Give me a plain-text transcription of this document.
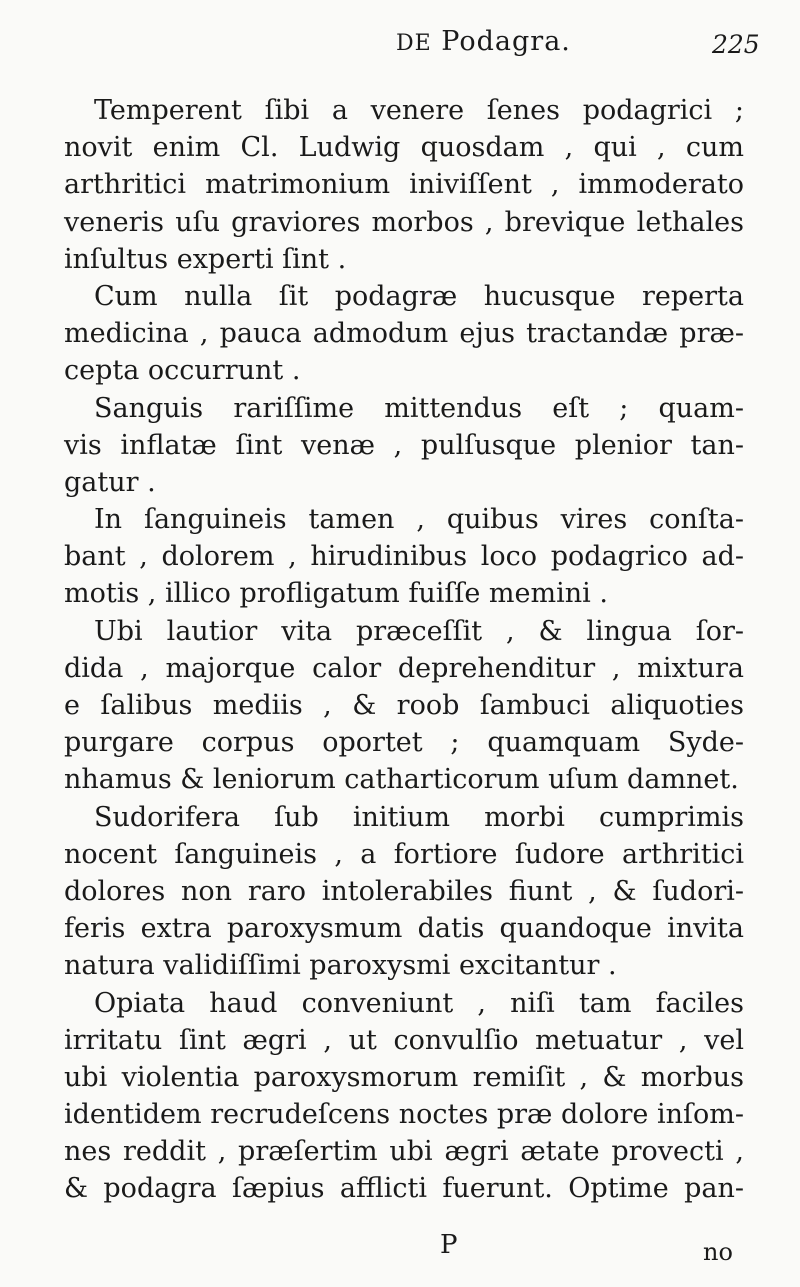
DE Podagra.	225
Temperent ſibi a venere ſenes podagrici ;
novit enim Cl. Ludwig quosdam , qui , cum
arthritici matrimonium iniviſſent , immoderato
veneris uſu graviores morbos , brevique lethales
inſultus experti ſint .
Cum nulla ſit podagræ hucusque reperta
medicina , pauca admodum ejus tractandæ præ-
cepta occurrunt .
Sanguis rariſſime mittendus eſt ; quam-
vis inflatæ ſint venæ , pulſusque plenior tan-
gatur .
In ſanguineis tamen , quibus vires conſta-
bant , dolorem , hirudinibus loco podagrico ad-
motis , illico profligatum fuiſſe memini .
Ubi lautior vita præceſſit , & lingua ſor-
dida , majorque calor deprehenditur , mixtura
e ſalibus mediis , & roob ſambuci aliquoties
purgare corpus oportet ; quamquam Syde-
nhamus & leniorum catharticorum uſum damnet.
Sudorifera ſub initium morbi cumprimis
nocent ſanguineis , a fortiore ſudore arthritici
dolores non raro intolerabiles fiunt , & ſudori-
feris extra paroxysmum datis quandoque invita
natura validiſſimi paroxysmi excitantur .
Opiata haud conveniunt , niſi tam faciles
irritatu ſint ægri , ut convulſio metuatur , vel
ubi violentia paroxysmorum remiſit , & morbus
identidem recrudeſcens noctes præ dolore inſom-
nes reddit , præſertim ubi ægri ætate provecti ,
& podagra ſæpius afflicti fuerunt. Optime pan-
P	no
